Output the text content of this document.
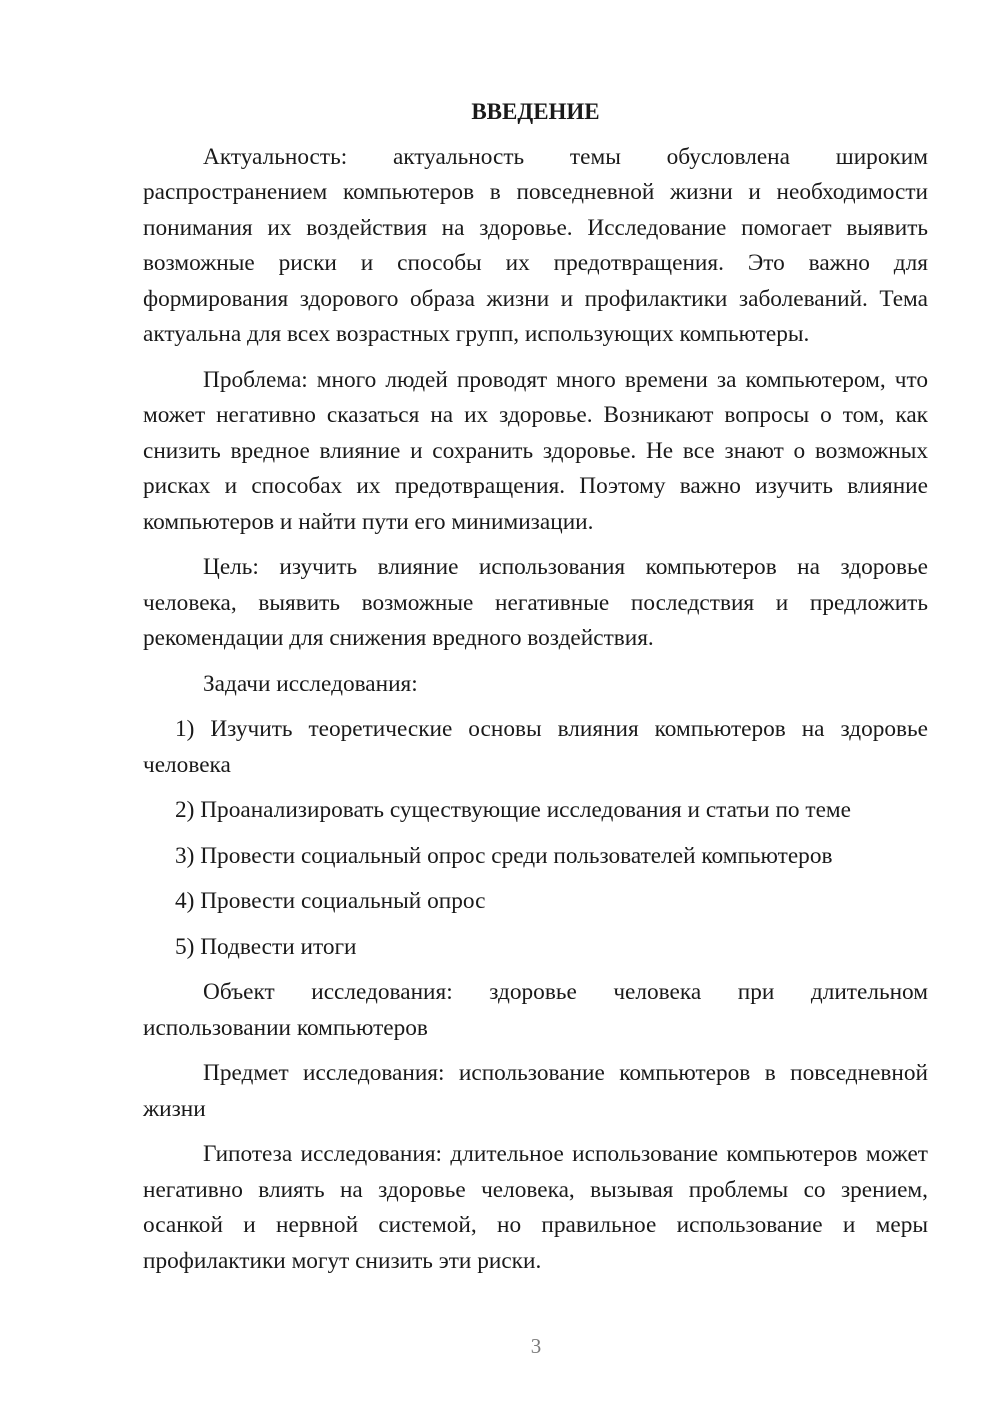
ВВЕДЕНИЕ

Актуальность: актуальность темы обусловлена широким распространением компьютеров в повседневной жизни и необходимости понимания их воздействия на здоровье. Исследование помогает выявить возможные риски и способы их предотвращения. Это важно для формирования здорового образа жизни и профилактики заболеваний. Тема актуальна для всех возрастных групп, использующих компьютеры.

Проблема: много людей проводят много времени за компьютером, что может негативно сказаться на их здоровье. Возникают вопросы о том, как снизить вредное влияние и сохранить здоровье. Не все знают о возможных рисках и способах их предотвращения. Поэтому важно изучить влияние компьютеров и найти пути его минимизации.

Цель: изучить влияние использования компьютеров на здоровье человека, выявить возможные негативные последствия и предложить рекомендации для снижения вредного воздействия.

Задачи исследования:

1) Изучить теоретические основы влияния компьютеров на здоровье человека

2) Проанализировать существующие исследования и статьи по теме

3) Провести социальный опрос среди пользователей компьютеров

4) Провести социальный опрос

5) Подвести итоги

Объект исследования: здоровье человека при длительном использовании компьютеров

Предмет исследования: использование компьютеров в повседневной жизни

Гипотеза исследования: длительное использование компьютеров может негативно влиять на здоровье человека, вызывая проблемы со зрением, осанкой и нервной системой, но правильное использование и меры профилактики могут снизить эти риски.

3
